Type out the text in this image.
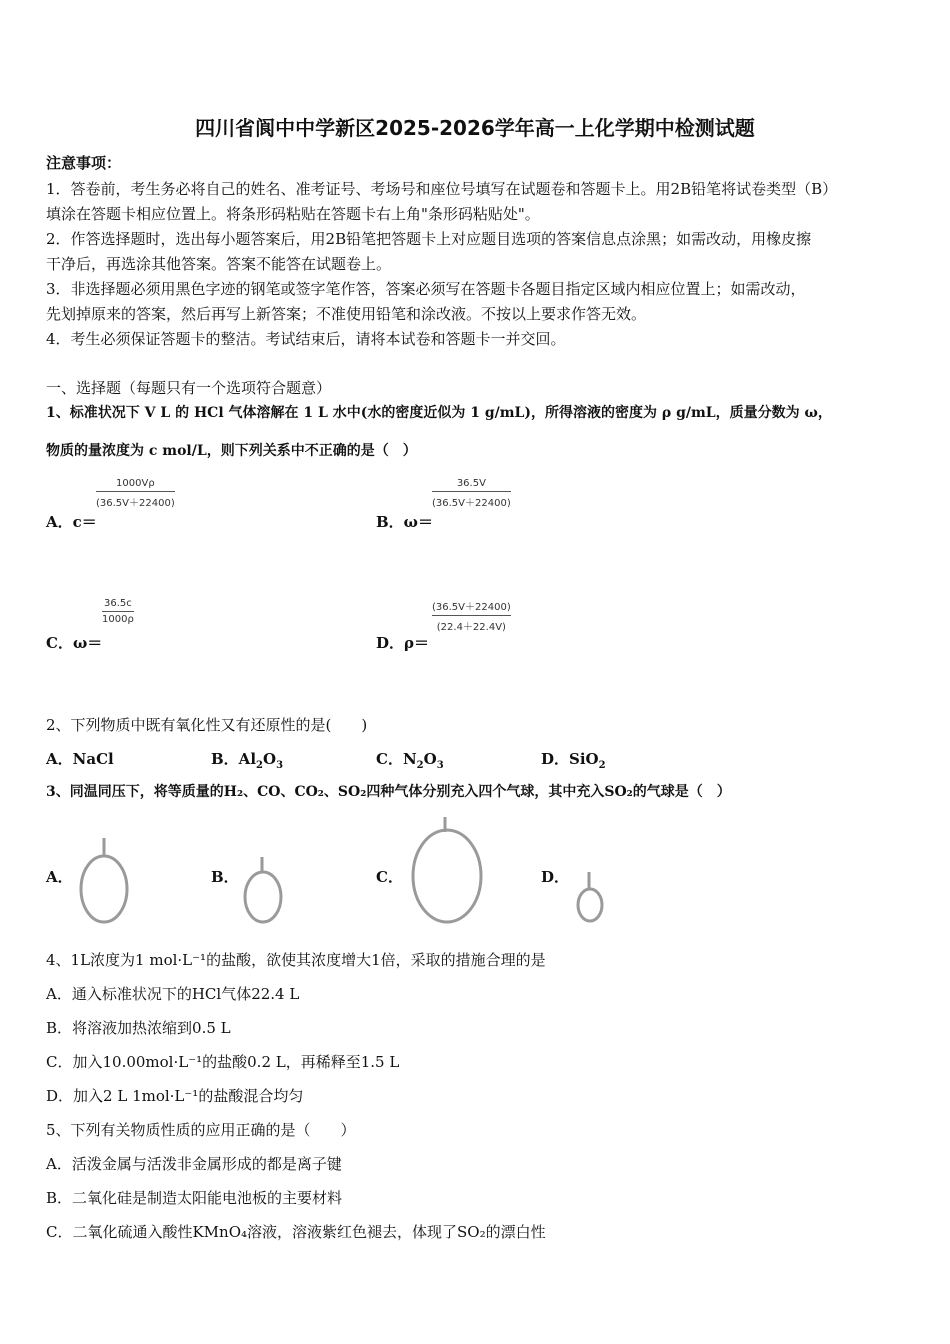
四川省阆中中学新区2025-2026学年高一上化学期中检测试题
注意事项：
1．答卷前，考生务必将自己的姓名、准考证号、考场号和座位号填写在试题卷和答题卡上。用2B铅笔将试卷类型（B）
填涂在答题卡相应位置上。将条形码粘贴在答题卡右上角"条形码粘贴处"。
2．作答选择题时，选出每小题答案后，用2B铅笔把答题卡上对应题目选项的答案信息点涂黑；如需改动，用橡皮擦
干净后，再选涂其他答案。答案不能答在试题卷上。
3．非选择题必须用黑色字迹的钢笔或签字笔作答，答案必须写在答题卡各题目指定区域内相应位置上；如需改动，
先划掉原来的答案，然后再写上新答案；不准使用铅笔和涂改液。不按以上要求作答无效。
4．考生必须保证答题卡的整洁。考试结束后，请将本试卷和答题卡一并交回。
一、选择题（每题只有一个选项符合题意）
1、标准状况下 V L 的 HCl 气体溶解在 1 L 水中(水的密度近似为 1 g/mL)，所得溶液的密度为 ρ g/mL，质量分数为 ω，
物质的量浓度为 c mol/L，则下列关系中不正确的是（　）
A．c＝
1000Vρ
(36.5V＋22400)
B．ω＝
36.5V
(36.5V＋22400)
C．ω＝
36.5c
1000ρ
D．ρ＝
(36.5V＋22400)
(22.4＋22.4V)
2、下列物质中既有氧化性又有还原性的是(　　)
A．NaCl	B．$Al_2O_3$	C．$N_2O_3$	D．SiO$_2$
3、同温同压下，将等质量的H₂、CO、CO₂、SO₂四种气体分别充入四个气球，其中充入SO₂的气球是（　）
A．	B．	C．	D．
4、1L浓度为1 mol·L⁻¹的盐酸，欲使其浓度增大1倍，采取的措施合理的是
A．通入标准状况下的HCl气体22.4 L
B．将溶液加热浓缩到0.5 L
C．加入10.00mol·L⁻¹的盐酸0.2 L，再稀释至1.5 L
D．加入2 L 1mol·L⁻¹的盐酸混合均匀
5、下列有关物质性质的应用正确的是（　　）
A．活泼金属与活泼非金属形成的都是离子键
B．二氧化硅是制造太阳能电池板的主要材料
C．二氧化硫通入酸性KMnO₄溶液，溶液紫红色褪去，体现了SO₂的漂白性
